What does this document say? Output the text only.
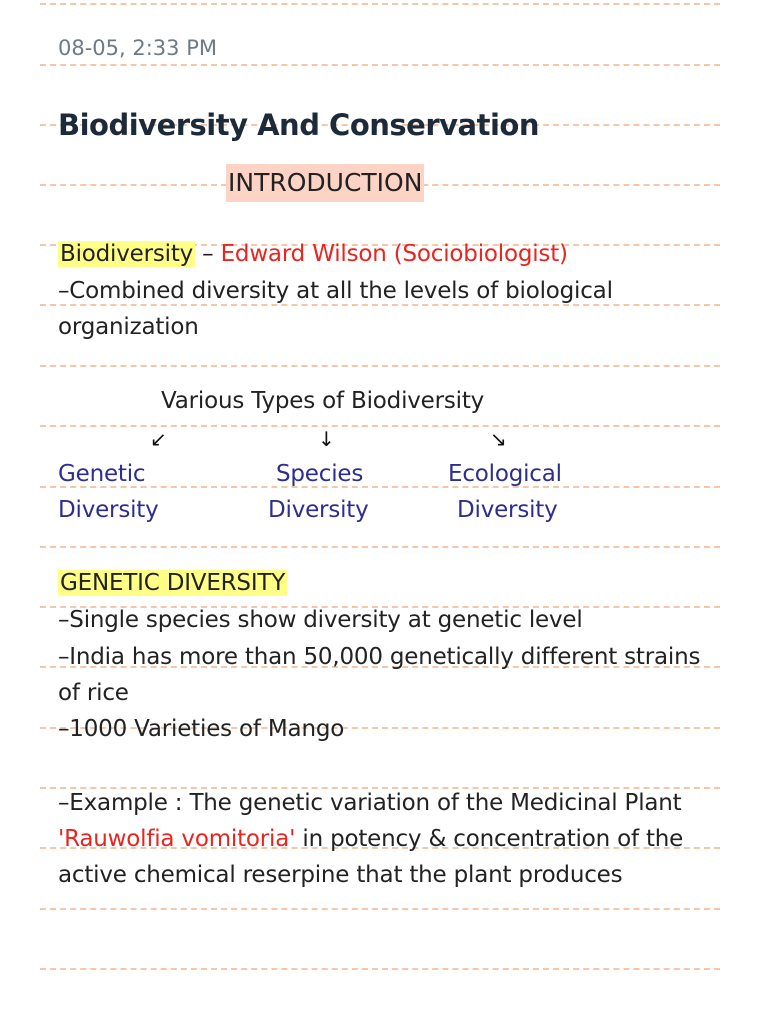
08-05, 2:33 PM
Biodiversity And Conservation
INTRODUCTION
Biodiversity – Edward Wilson (Sociobiologist)
–Combined diversity at all the levels of biological
organization
Various Types of Biodiversity
↙	↓	↘
Genetic
Diversity
Species
Diversity
Ecological
Diversity
GENETIC DIVERSITY
–Single species show diversity at genetic level
–India has more than 50,000 genetically different strains
of rice
–1000 Varieties of Mango
–Example : The genetic variation of the Medicinal Plant
'Rauwolfia vomitoria' in potency & concentration of the
active chemical reserpine that the plant produces
